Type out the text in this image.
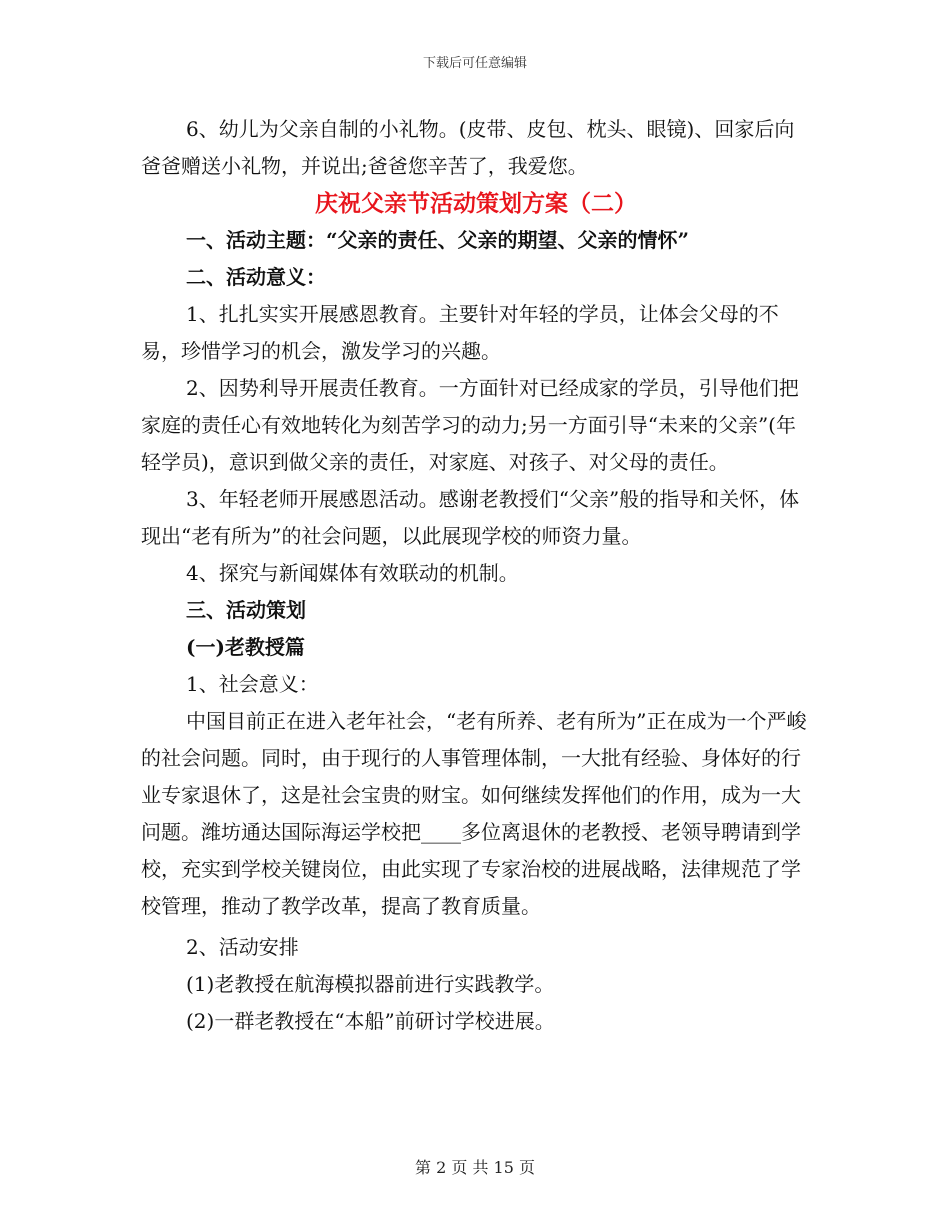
下载后可任意编辑

6、幼儿为父亲自制的小礼物。(皮带、皮包、枕头、眼镜)、回家后向爸爸赠送小礼物，并说出;爸爸您辛苦了，我爱您。

庆祝父亲节活动策划方案（二）

一、活动主题：“父亲的责任、父亲的期望、父亲的情怀”

二、活动意义：

1、扎扎实实开展感恩教育。主要针对年轻的学员，让体会父母的不易，珍惜学习的机会，激发学习的兴趣。

2、因势利导开展责任教育。一方面针对已经成家的学员，引导他们把家庭的责任心有效地转化为刻苦学习的动力;另一方面引导“未来的父亲”(年轻学员)，意识到做父亲的责任，对家庭、对孩子、对父母的责任。

3、年轻老师开展感恩活动。感谢老教授们“父亲”般的指导和关怀，体现出“老有所为”的社会问题，以此展现学校的师资力量。

4、探究与新闻媒体有效联动的机制。

三、活动策划

(一)老教授篇

1、社会意义：

中国目前正在进入老年社会，“老有所养、老有所为”正在成为一个严峻的社会问题。同时，由于现行的人事管理体制，一大批有经验、身体好的行业专家退休了，这是社会宝贵的财宝。如何继续发挥他们的作用，成为一大问题。潍坊通达国际海运学校把____多位离退休的老教授、老领导聘请到学校，充实到学校关键岗位，由此实现了专家治校的进展战略，法律规范了学校管理，推动了教学改革，提高了教育质量。

2、活动安排

(1)老教授在航海模拟器前进行实践教学。

(2)一群老教授在“本船”前研讨学校进展。

第 2 页 共 15 页
